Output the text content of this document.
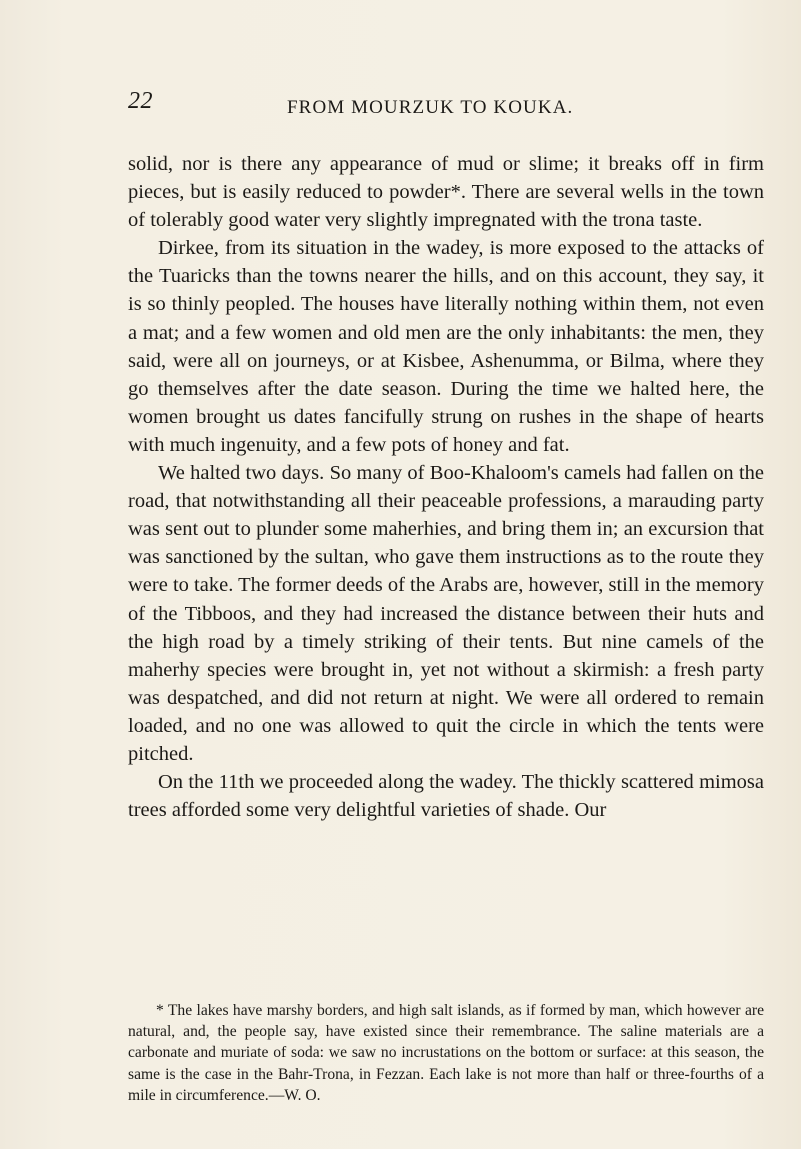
22	FROM MOURZUK TO KOUKA.

solid, nor is there any appearance of mud or slime; it breaks off in firm pieces, but is easily reduced to powder*. There are several wells in the town of tolerably good water very slightly impregnated with the trona taste.

Dirkee, from its situation in the wadey, is more exposed to the attacks of the Tuaricks than the towns nearer the hills, and on this account, they say, it is so thinly peopled. The houses have literally nothing within them, not even a mat; and a few women and old men are the only inhabitants: the men, they said, were all on journeys, or at Kisbee, Ashenumma, or Bilma, where they go themselves after the date season. During the time we halted here, the women brought us dates fancifully strung on rushes in the shape of hearts with much ingenuity, and a few pots of honey and fat.

We halted two days. So many of Boo-Khaloom's camels had fallen on the road, that notwithstanding all their peaceable professions, a marauding party was sent out to plunder some maherhies, and bring them in; an excursion that was sanctioned by the sultan, who gave them instructions as to the route they were to take. The former deeds of the Arabs are, however, still in the memory of the Tibboos, and they had increased the distance between their huts and the high road by a timely striking of their tents. But nine camels of the maherhy species were brought in, yet not without a skirmish: a fresh party was despatched, and did not return at night. We were all ordered to remain loaded, and no one was allowed to quit the circle in which the tents were pitched.

On the 11th we proceeded along the wadey. The thickly scattered mimosa trees afforded some very delightful varieties of shade. Our

* The lakes have marshy borders, and high salt islands, as if formed by man, which however are natural, and, the people say, have existed since their remembrance. The saline materials are a carbonate and muriate of soda: we saw no incrustations on the bottom or surface: at this season, the same is the case in the Bahr-Trona, in Fezzan. Each lake is not more than half or three-fourths of a mile in circumference.—W. O.
